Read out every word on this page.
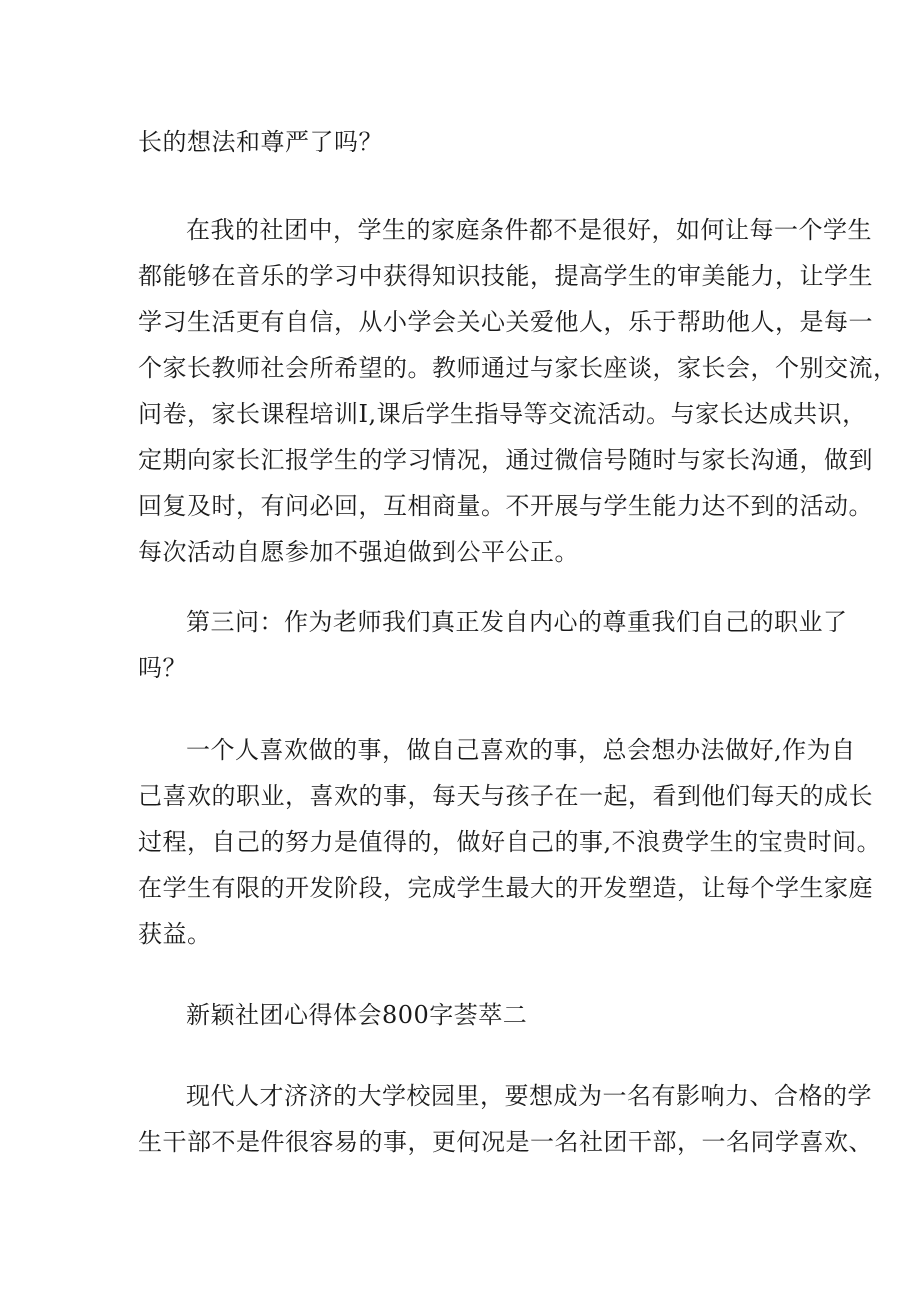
长的想法和尊严了吗？
在我的社团中，学生的家庭条件都不是很好，如何让每一个学生
都能够在音乐的学习中获得知识技能，提高学生的审美能力，让学生
学习生活更有自信，从小学会关心关爱他人，乐于帮助他人，是每一
个家长教师社会所希望的。教师通过与家长座谈，家长会，个别交流，
问卷，家长课程培训I,课后学生指导等交流活动。与家长达成共识，
定期向家长汇报学生的学习情况，通过微信号随时与家长沟通，做到
回复及时，有问必回，互相商量。不开展与学生能力达不到的活动。
每次活动自愿参加不强迫做到公平公正。
第三问：作为老师我们真正发自内心的尊重我们自己的职业了
吗？
一个人喜欢做的事，做自己喜欢的事，总会想办法做好,作为自
己喜欢的职业，喜欢的事，每天与孩子在一起，看到他们每天的成长
过程，自己的努力是值得的，做好自己的事,不浪费学生的宝贵时间。
在学生有限的开发阶段，完成学生最大的开发塑造，让每个学生家庭
获益。
新颖社团心得体会800字荟萃二
现代人才济济的大学校园里，要想成为一名有影响力、合格的学
生干部不是件很容易的事，更何况是一名社团干部，一名同学喜欢、
